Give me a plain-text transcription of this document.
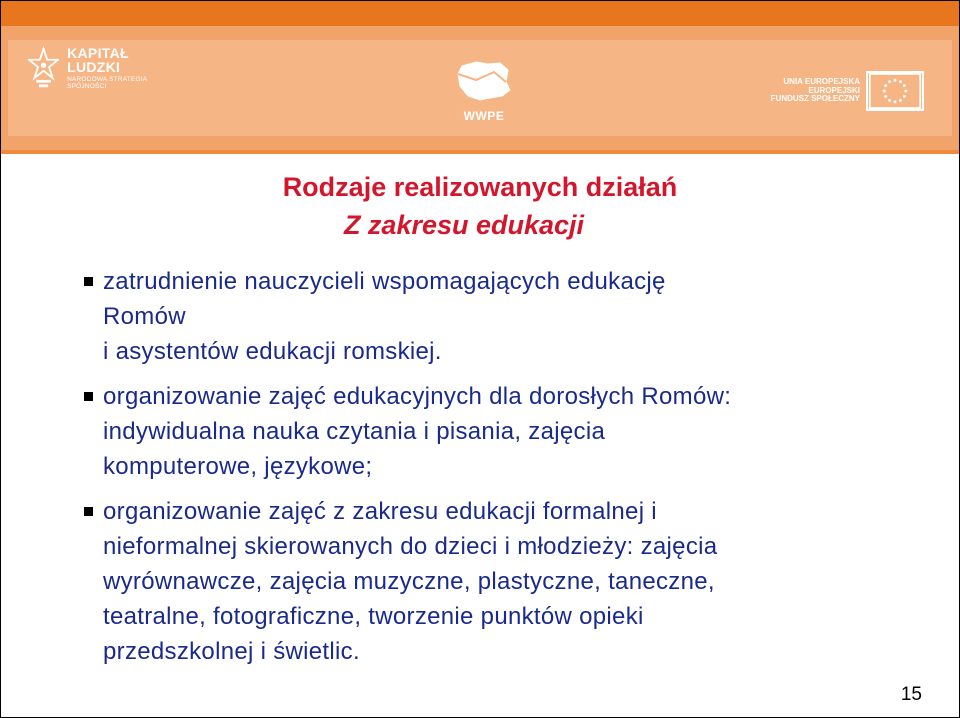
KAPITAŁ LUDZKI
NARODOWA STRATEGIA SPÓJNOŚCI
WWPE
UNIA EUROPEJSKA
EUROPEJSKI
FUNDUSZ SPOŁECZNY
Rodzaje realizowanych działań
Z zakresu edukacji
zatrudnienie nauczycieli wspomagających edukację
Romów
i asystentów edukacji romskiej.
organizowanie zajęć edukacyjnych dla dorosłych Romów:
indywidualna nauka czytania i pisania, zajęcia
komputerowe, językowe;
organizowanie zajęć z zakresu edukacji formalnej i
nieformalnej skierowanych do dzieci i młodzieży: zajęcia
wyrównawcze, zajęcia muzyczne, plastyczne, taneczne,
teatralne, fotograficzne, tworzenie punktów opieki
przedszkolnej i świetlic.
15
